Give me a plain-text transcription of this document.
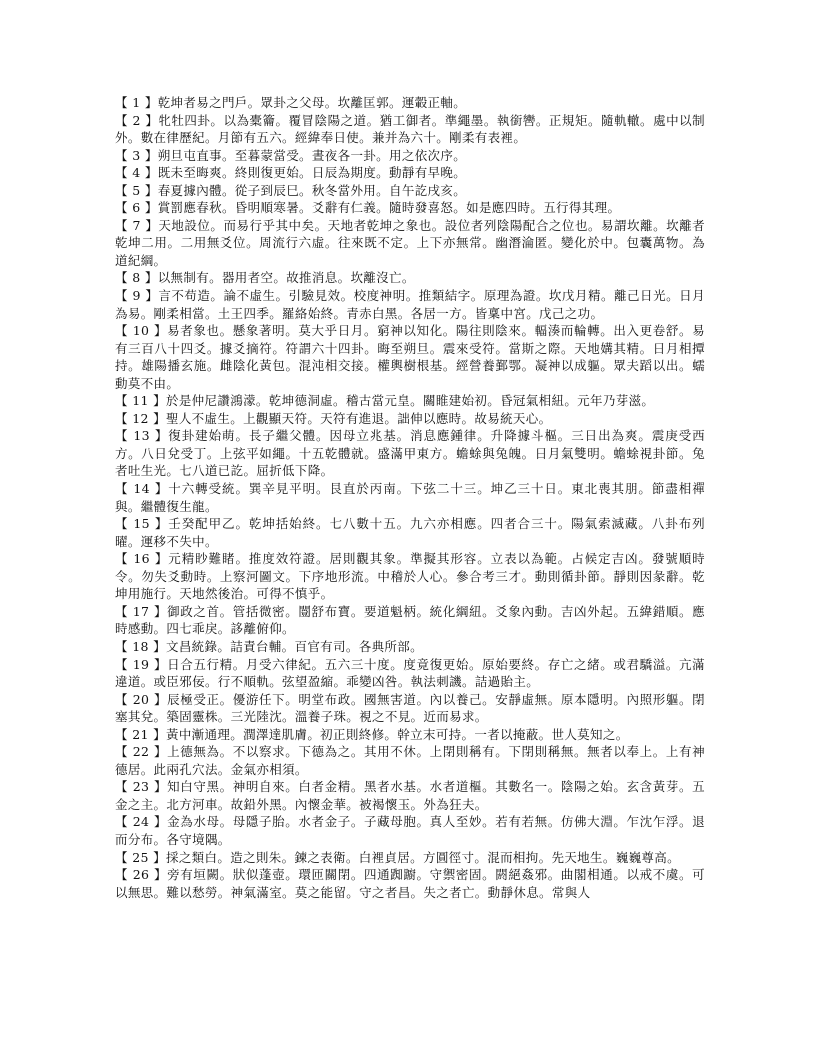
【 1 】乾坤者易之門戶。眾卦之父母。坎離匡郭。運轂正軸。
【 2 】牝牡四卦。以為橐籥。覆冒陰陽之道。猶工御者。準繩墨。執銜轡。正規矩。隨軌轍。處中以制外。數在律歷紀。月節有五六。經緯奉日使。兼并為六十。剛柔有表裡。
【 3 】朔旦屯直事。至暮蒙當受。晝夜各一卦。用之依次序。
【 4 】既未至晦爽。終則復更始。日辰為期度。動靜有早晚。
【 5 】春夏據內體。從子到辰巳。秋冬當外用。自午訖戌亥。
【 6 】賞罰應春秋。昏明順寒暑。爻辭有仁義。隨時發喜怒。如是應四時。五行得其理。
【 7 】天地設位。而易行乎其中矣。天地者乾坤之象也。設位者列陰陽配合之位也。易謂坎離。坎離者乾坤二用。二用無爻位。周流行六虛。往來既不定。上下亦無常。幽潛淪匿。變化於中。包囊萬物。為道紀綱。
【 8 】以無制有。器用者空。故推消息。坎離沒亡。
【 9 】言不苟造。論不虛生。引驗見效。校度神明。推類結字。原理為證。坎戊月精。離己日光。日月為易。剛柔相當。土王四季。羅絡始終。青赤白黑。各居一方。皆稟中宮。戊己之功。
【 10 】易者象也。懸象著明。莫大乎日月。窮神以知化。陽往則陰來。輻湊而輪轉。出入更卷舒。易有三百八十四爻。據爻摘符。符謂六十四卦。晦至朔旦。震來受符。當斯之際。天地媾其精。日月相撢持。雄陽播玄施。雌陰化黃包。混沌相交接。權輿樹根基。經營養鄞鄂。凝神以成軀。眾夫蹈以出。蠕動莫不由。
【 11 】於是仲尼讚鴻濛。乾坤德洞虛。稽古當元皇。關睢建始初。昏冠氣相紐。元年乃芽滋。
【 12 】聖人不虛生。上觀顯天符。天符有進退。詘伸以應時。故易統天心。
【 13 】復卦建始萌。長子繼父體。因母立兆基。消息應鍾律。升降據斗樞。三日出為爽。震庚受西方。八日兌受丁。上弦平如繩。十五乾體就。盛滿甲東方。蟾蜍與兔魄。日月氣雙明。蟾蜍視卦節。兔者吐生光。七八道已訖。屈折低下降。
【 14 】十六轉受統。巽辛見平明。艮直於丙南。下弦二十三。坤乙三十日。東北喪其朋。節盡相禪與。繼體復生龍。
【 15 】壬癸配甲乙。乾坤括始終。七八數十五。九六亦相應。四者合三十。陽氣索滅藏。八卦布列曜。運移不失中。
【 16 】元精眇難睹。推度效符證。居則觀其象。準擬其形容。立表以為範。占候定吉凶。發號順時令。勿失爻動時。上察河圖文。下序地形流。中稽於人心。參合考三才。動則循卦節。靜則因彖辭。乾坤用施行。天地然後治。可得不慎乎。
【 17 】御政之首。管括微密。闓舒布寶。要道魁柄。統化綱紐。爻象內動。吉凶外起。五緯錯順。應時感動。四七乖戾。誃離俯仰。
【 18 】文昌統錄。詰責台輔。百官有司。各典所部。
【 19 】日合五行精。月受六律紀。五六三十度。度竟復更始。原始要終。存亡之緒。或君驕溢。亢滿違道。或臣邪佞。行不順軌。弦望盈縮。乖變凶咎。執法刺譏。詰過貽主。
【 20 】辰極受正。優游任下。明堂布政。國無害道。內以養己。安靜虛無。原本隱明。內照形軀。閉塞其兌。築固靈株。三光陸沈。溫養子珠。視之不見。近而易求。
【 21 】黃中漸通理。潤澤達肌膚。初正則終修。幹立末可持。一者以掩蔽。世人莫知之。
【 22 】上德無為。不以察求。下德為之。其用不休。上閉則稱有。下閉則稱無。無者以奉上。上有神德居。此兩孔穴法。金氣亦相須。
【 23 】知白守黑。神明自來。白者金精。黑者水基。水者道樞。其數名一。陰陽之始。玄含黃芽。五金之主。北方河車。故鉛外黑。內懷金華。被褐懷玉。外為狂夫。
【 24 】金為水母。母隱子胎。水者金子。子藏母胞。真人至妙。若有若無。仿佛大淵。乍沈乍浮。退而分布。各守境隅。
【 25 】採之類白。造之則朱。鍊之表衛。白裡貞居。方圓徑寸。混而相拘。先天地生。巍巍尊高。
【 26 】旁有垣闕。狀似蓬壺。環匝關閉。四通踟躕。守禦密固。閼絕姦邪。曲閣相通。以戒不虞。可以無思。難以愁勞。神氣滿室。莫之能留。守之者昌。失之者亡。動靜休息。常與人
